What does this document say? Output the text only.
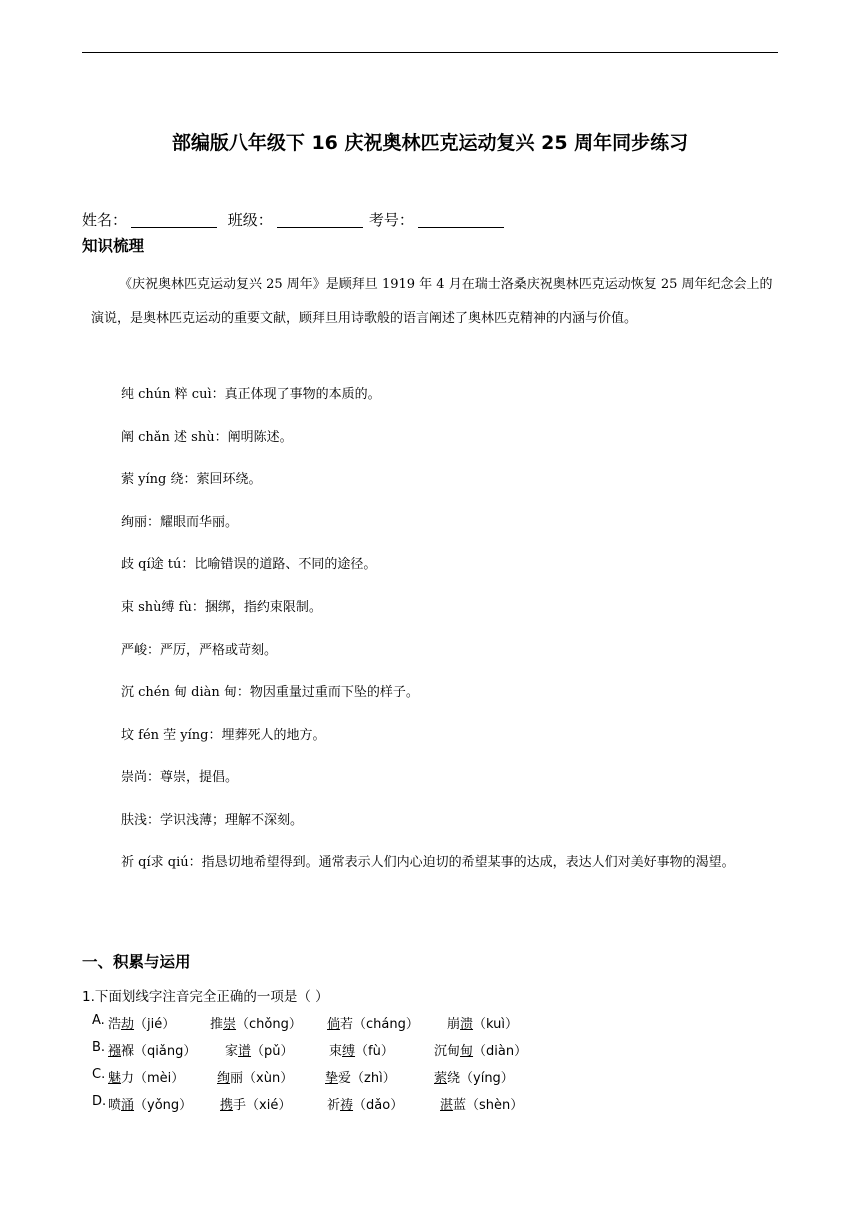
部编版八年级下 16 庆祝奥林匹克运动复兴 25 周年同步练习
姓名：	班级：	考号：
知识梳理

《庆祝奥林匹克运动复兴 25 周年》是顾拜旦 1919 年 4 月在瑞士洛桑庆祝奥林匹克运动恢复 25 周年纪念会上的演说，是奥林匹克运动的重要文献，顾拜旦用诗歌般的语言阐述了奥林匹克精神的内涵与价值。

纯 chún 粹 cuì：真正体现了事物的本质的。
阐 chǎn 述 shù：阐明陈述。
萦 yíng 绕：萦回环绕。
绚丽：耀眼而华丽。
歧 qí途 tú：比喻错误的道路、不同的途径。
束 shù缚 fù：捆绑，指约束限制。
严峻：严厉，严格或苛刻。
沉 chén 甸 diàn 甸：物因重量过重而下坠的样子。
坟 fén 茔 yíng：埋葬死人的地方。
崇尚：尊崇，提倡。
肤浅：学识浅薄；理解不深刻。

祈 qí求 qiú：指恳切地希望得到。通常表示人们内心迫切的希望某事的达成，表达人们对美好事物的渴望。

一、积累与运用
1.下面划线字注音完全正确的一项是（ ）
A. 浩劫（jié）	推崇（chǒng） 倘若（cháng） 崩溃（kuì）
B. 襁褓（qiǎng） 家谱（pǔ）	束缚（fù）	沉甸甸（diàn）
C. 魅力（mèi）	绚丽（xùn） 挚爱（zhì）	萦绕（yíng）
D. 喷涌（yǒng） 携手（xié）	祈祷（dǎo）	湛蓝（shèn）
